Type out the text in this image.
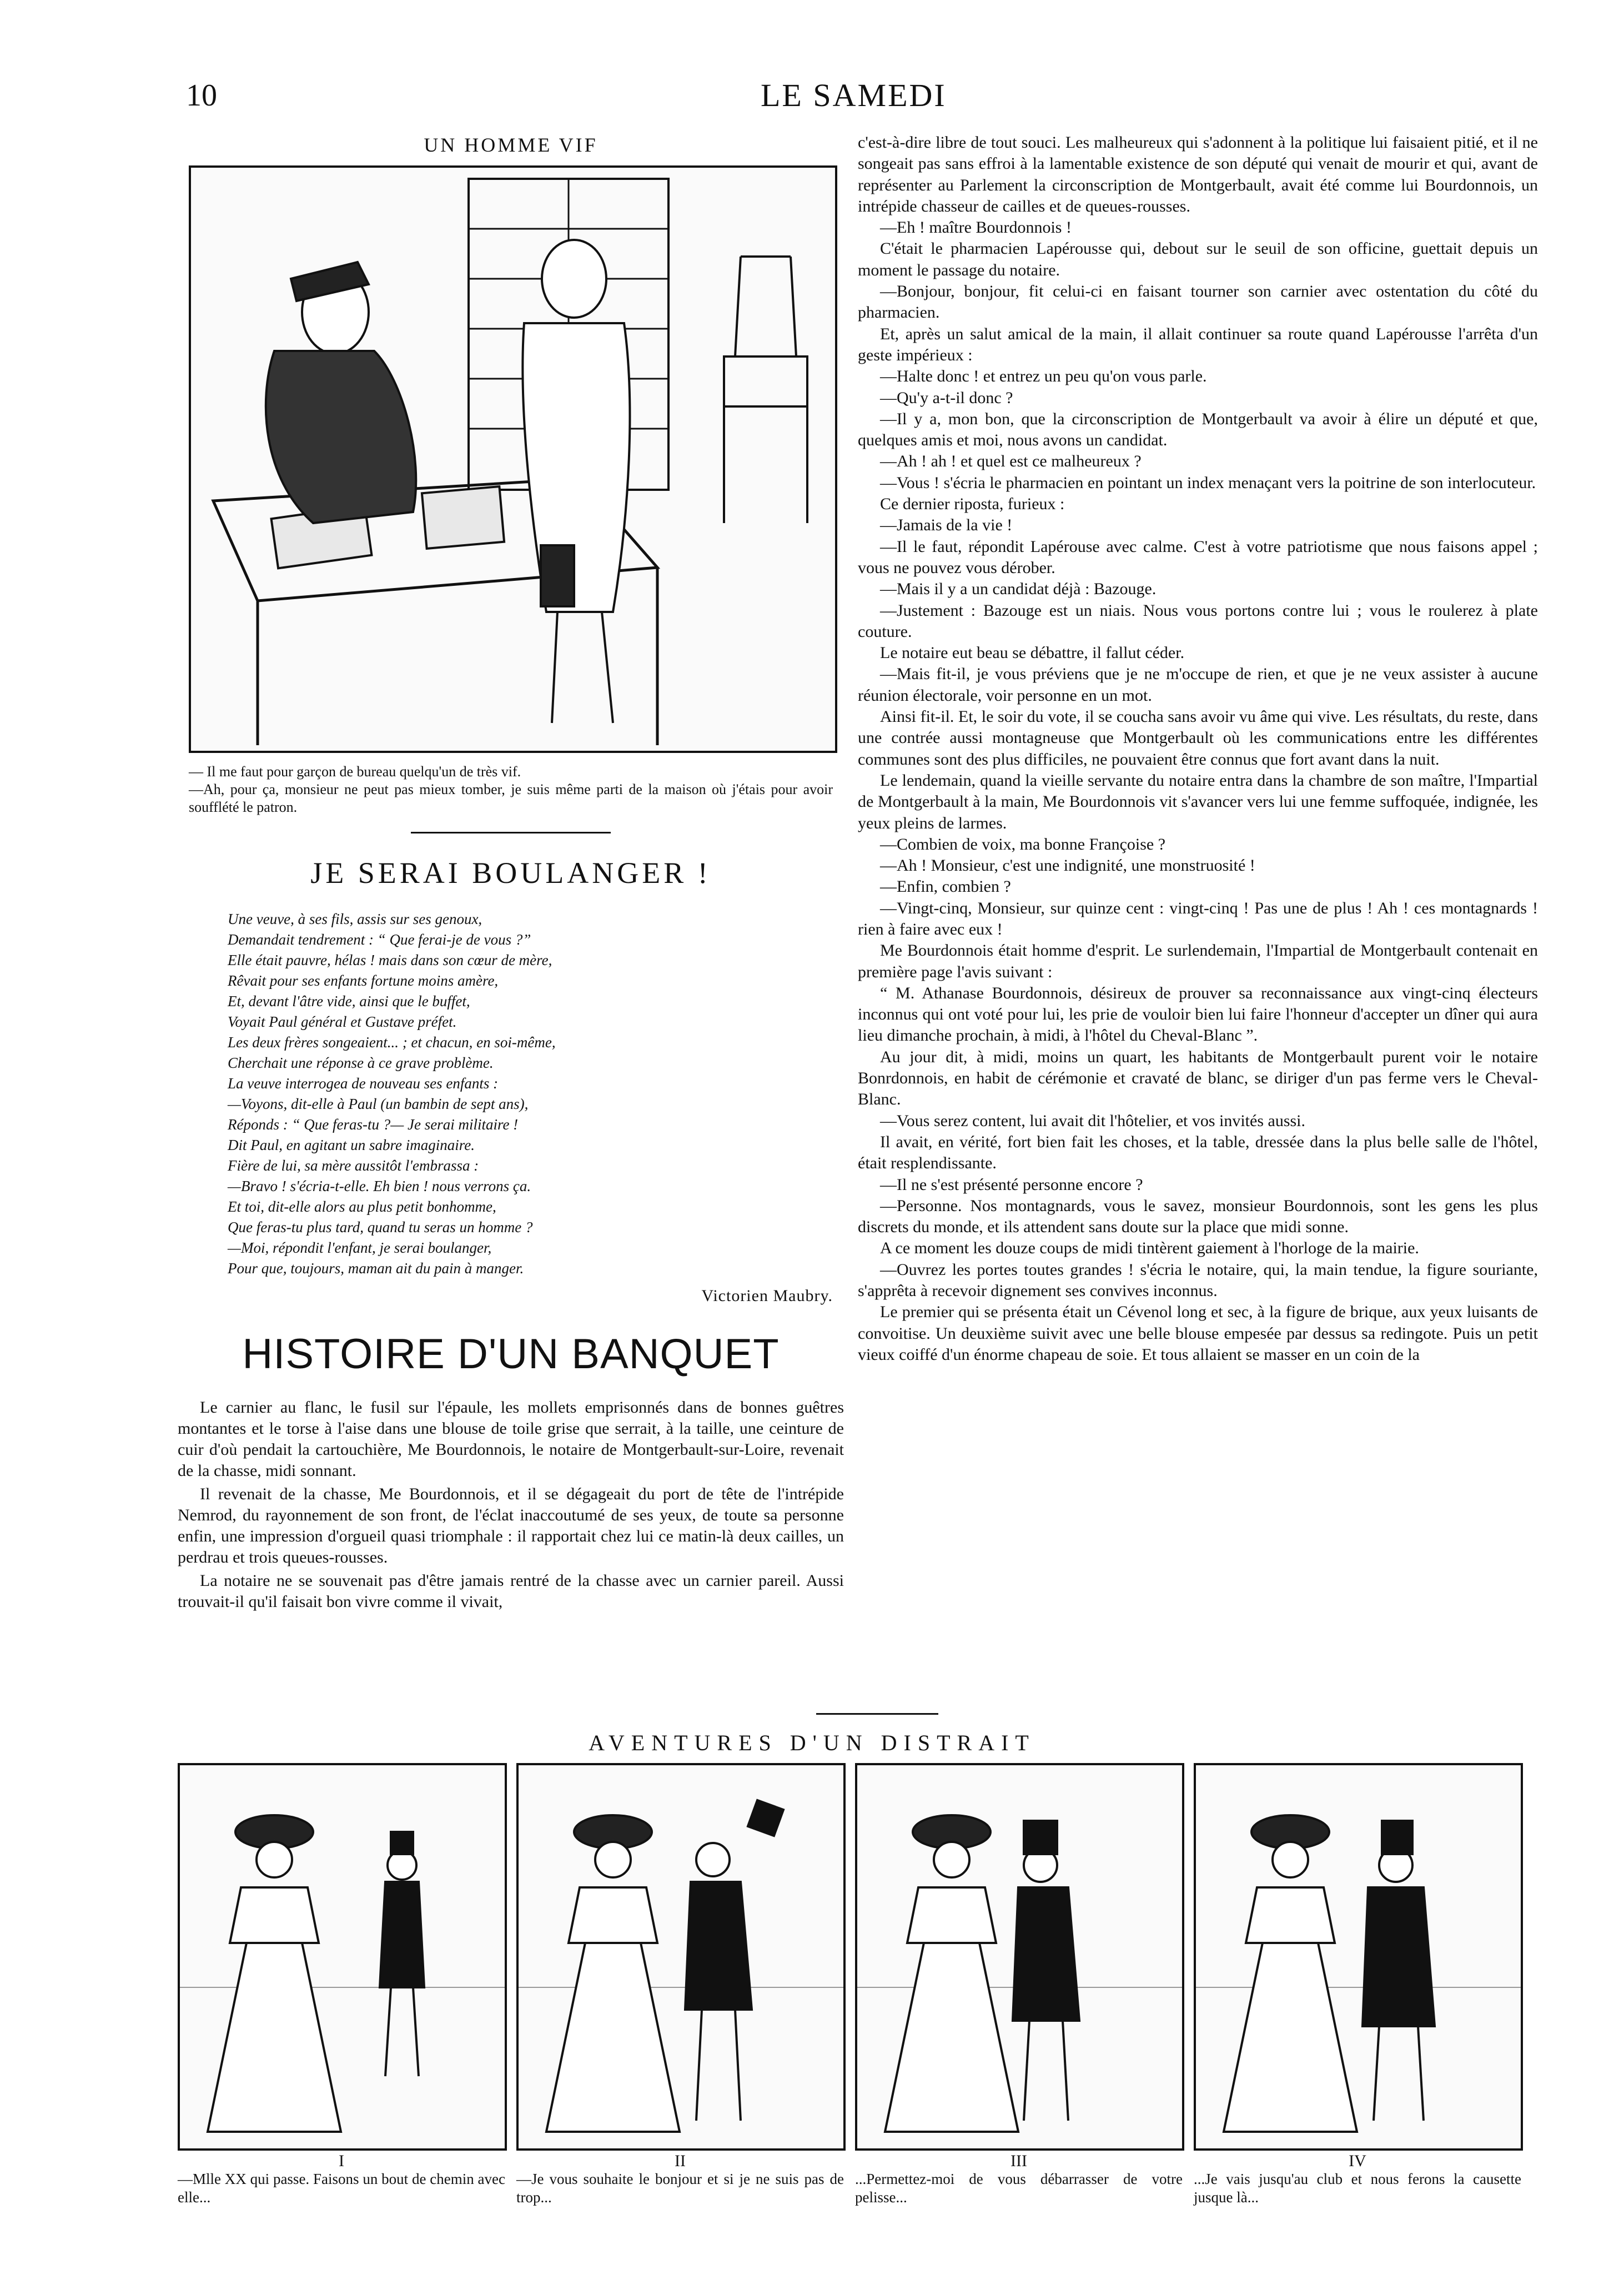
10	LE SAMEDI
UN HOMME VIF
— Il me faut pour garçon de bureau quelqu'un de très vif.
—Ah, pour ça, monsieur ne peut pas mieux tomber, je suis même parti de la maison où j'étais pour avoir soufflété le patron.
JE SERAI BOULANGER !
Une veuve, à ses fils, assis sur ses genoux,
Demandait tendrement : “ Que ferai-je de vous ?”
Elle était pauvre, hélas ! mais dans son cœur de mère,
Rêvait pour ses enfants fortune moins amère,
Et, devant l'âtre vide, ainsi que le buffet,
Voyait Paul général et Gustave préfet.
Les deux frères songeaient... ; et chacun, en soi-même,
Cherchait une réponse à ce grave problème.
La veuve interrogea de nouveau ses enfants :
—Voyons, dit-elle à Paul (un bambin de sept ans),
Réponds : “ Que feras-tu ?— Je serai militaire !
Dit Paul, en agitant un sabre imaginaire.
Fière de lui, sa mère aussitôt l'embrassa :
—Bravo ! s'écria-t-elle. Eh bien ! nous verrons ça.
Et toi, dit-elle alors au plus petit bonhomme,
Que feras-tu plus tard, quand tu seras un homme ?
—Moi, répondit l'enfant, je serai boulanger,
Pour que, toujours, maman ait du pain à manger.
Victorien Maubry.
HISTOIRE D'UN BANQUET

Le carnier au flanc, le fusil sur l'épaule, les mollets emprisonnés dans de bonnes guêtres montantes et le torse à l'aise dans une blouse de toile grise que serrait, à la taille, une ceinture de cuir d'où pendait la cartouchière, Me Bourdonnois, le notaire de Montgerbault-sur-Loire, revenait de la chasse, midi sonnant.

Il revenait de la chasse, Me Bourdonnois, et il se dégageait du port de tête de l'intrépide Nemrod, du rayonnement de son front, de l'éclat inaccoutumé de ses yeux, de toute sa personne enfin, une impression d'orgueil quasi triomphale : il rapportait chez lui ce matin-là deux cailles, un perdrau et trois queues-rousses.

La notaire ne se souvenait pas d'être jamais rentré de la chasse avec un carnier pareil. Aussi trouvait-il qu'il faisait bon vivre comme il vivait,

c'est-à-dire libre de tout souci. Les malheureux qui s'adonnent à la politique lui faisaient pitié, et il ne songeait pas sans effroi à la lamentable existence de son député qui venait de mourir et qui, avant de représenter au Parlement la circonscription de Montgerbault, avait été comme lui Bourdonnois, un intrépide chasseur de cailles et de queues-rousses.

—Eh ! maître Bourdonnois !

C'était le pharmacien Lapérousse qui, debout sur le seuil de son officine, guettait depuis un moment le passage du notaire.

—Bonjour, bonjour, fit celui-ci en faisant tourner son carnier avec ostentation du côté du pharmacien.

Et, après un salut amical de la main, il allait continuer sa route quand Lapérousse l'arrêta d'un geste impérieux :

—Halte donc ! et entrez un peu qu'on vous parle.

—Qu'y a-t-il donc ?

—Il y a, mon bon, que la circonscription de Montgerbault va avoir à élire un député et que, quelques amis et moi, nous avons un candidat.

—Ah ! ah ! et quel est ce malheureux ?

—Vous ! s'écria le pharmacien en pointant un index menaçant vers la poitrine de son interlocuteur.

Ce dernier riposta, furieux :

—Jamais de la vie !

—Il le faut, répondit Lapérouse avec calme. C'est à votre patriotisme que nous faisons appel ; vous ne pouvez vous dérober.

—Mais il y a un candidat déjà : Bazouge.

—Justement : Bazouge est un niais. Nous vous portons contre lui ; vous le roulerez à plate couture.

Le notaire eut beau se débattre, il fallut céder.

—Mais fit-il, je vous préviens que je ne m'occupe de rien, et que je ne veux assister à aucune réunion électorale, voir personne en un mot.

Ainsi fit-il. Et, le soir du vote, il se coucha sans avoir vu âme qui vive. Les résultats, du reste, dans une contrée aussi montagneuse que Montgerbault où les communications entre les différentes communes sont des plus difficiles, ne pouvaient être connus que fort avant dans la nuit.

Le lendemain, quand la vieille servante du notaire entra dans la chambre de son maître, l'Impartial de Montgerbault à la main, Me Bourdonnois vit s'avancer vers lui une femme suffoquée, indignée, les yeux pleins de larmes.

—Combien de voix, ma bonne Françoise ?

—Ah ! Monsieur, c'est une indignité, une monstruosité !

—Enfin, combien ?

—Vingt-cinq, Monsieur, sur quinze cent : vingt-cinq ! Pas une de plus ! Ah ! ces montagnards ! rien à faire avec eux !

Me Bourdonnois était homme d'esprit. Le surlendemain, l'Impartial de Montgerbault contenait en première page l'avis suivant :

“ M. Athanase Bourdonnois, désireux de prouver sa reconnaissance aux vingt-cinq électeurs inconnus qui ont voté pour lui, les prie de vouloir bien lui faire l'honneur d'accepter un dîner qui aura lieu dimanche prochain, à midi, à l'hôtel du Cheval-Blanc ”.

Au jour dit, à midi, moins un quart, les habitants de Montgerbault purent voir le notaire Bonrdonnois, en habit de cérémonie et cravaté de blanc, se diriger d'un pas ferme vers le Cheval-Blanc.

—Vous serez content, lui avait dit l'hôtelier, et vos invités aussi.

Il avait, en vérité, fort bien fait les choses, et la table, dressée dans la plus belle salle de l'hôtel, était resplendissante.

—Il ne s'est présenté personne encore ?

—Personne. Nos montagnards, vous le savez, monsieur Bourdonnois, sont les gens les plus discrets du monde, et ils attendent sans doute sur la place que midi sonne.

A ce moment les douze coups de midi tintèrent gaiement à l'horloge de la mairie.

—Ouvrez les portes toutes grandes ! s'écria le notaire, qui, la main tendue, la figure souriante, s'apprêta à recevoir dignement ses convives inconnus.

Le premier qui se présenta était un Cévenol long et sec, à la figure de brique, aux yeux luisants de convoitise. Un deuxième suivit avec une belle blouse empesée par dessus sa redingote. Puis un petit vieux coiffé d'un énorme chapeau de soie. Et tous allaient se masser en un coin de la

AVENTURES D'UN DISTRAIT
I
—Mlle XX qui passe. Faisons un bout de chemin avec elle...
II
—Je vous souhaite le bonjour et si je ne suis pas de trop...
III
...Permettez-moi de vous débarrasser de votre pelisse...
IV
...Je vais jusqu'au club et nous ferons la causette jusque là...
